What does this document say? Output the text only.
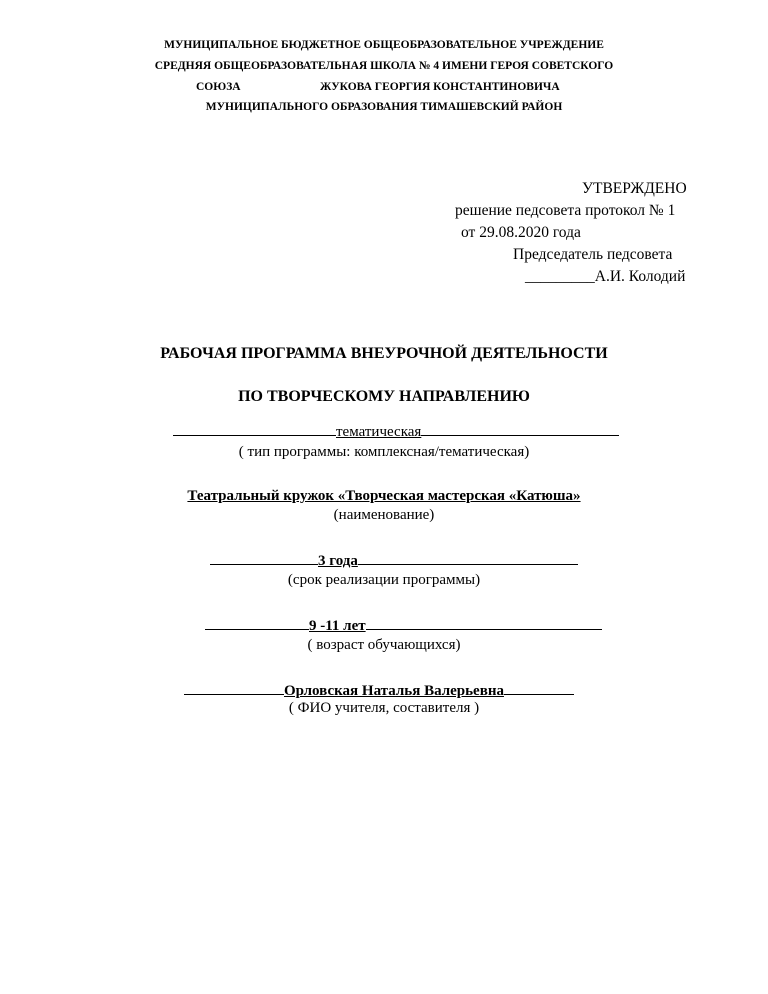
МУНИЦИПАЛЬНОЕ БЮДЖЕТНОЕ ОБЩЕОБРАЗОВАТЕЛЬНОЕ УЧРЕЖДЕНИЕ
СРЕДНЯЯ ОБЩЕОБРАЗОВАТЕЛЬНАЯ ШКОЛА № 4 ИМЕНИ ГЕРОЯ СОВЕТСКОГО
СОЮЗА	ЖУКОВА ГЕОРГИЯ КОНСТАНТИНОВИЧА
МУНИЦИПАЛЬНОГО ОБРАЗОВАНИЯ ТИМАШЕВСКИЙ РАЙОН
УТВЕРЖДЕНО
решение педсовета протокол № 1
от 29.08.2020 года
Председатель педсовета
_________А.И. Колодий
РАБОЧАЯ ПРОГРАММА ВНЕУРОЧНОЙ ДЕЯТЕЛЬНОСТИ
ПО ТВОРЧЕСКОМУ НАПРАВЛЕНИЮ
тематическая
( тип программы: комплексная/тематическая)
Театральный кружок «Творческая мастерская «Катюша»
(наименование)
3 года
(срок реализации программы)
9 -11 лет
( возраст обучающихся)
Орловская Наталья Валерьевна
( ФИО учителя, составителя )
